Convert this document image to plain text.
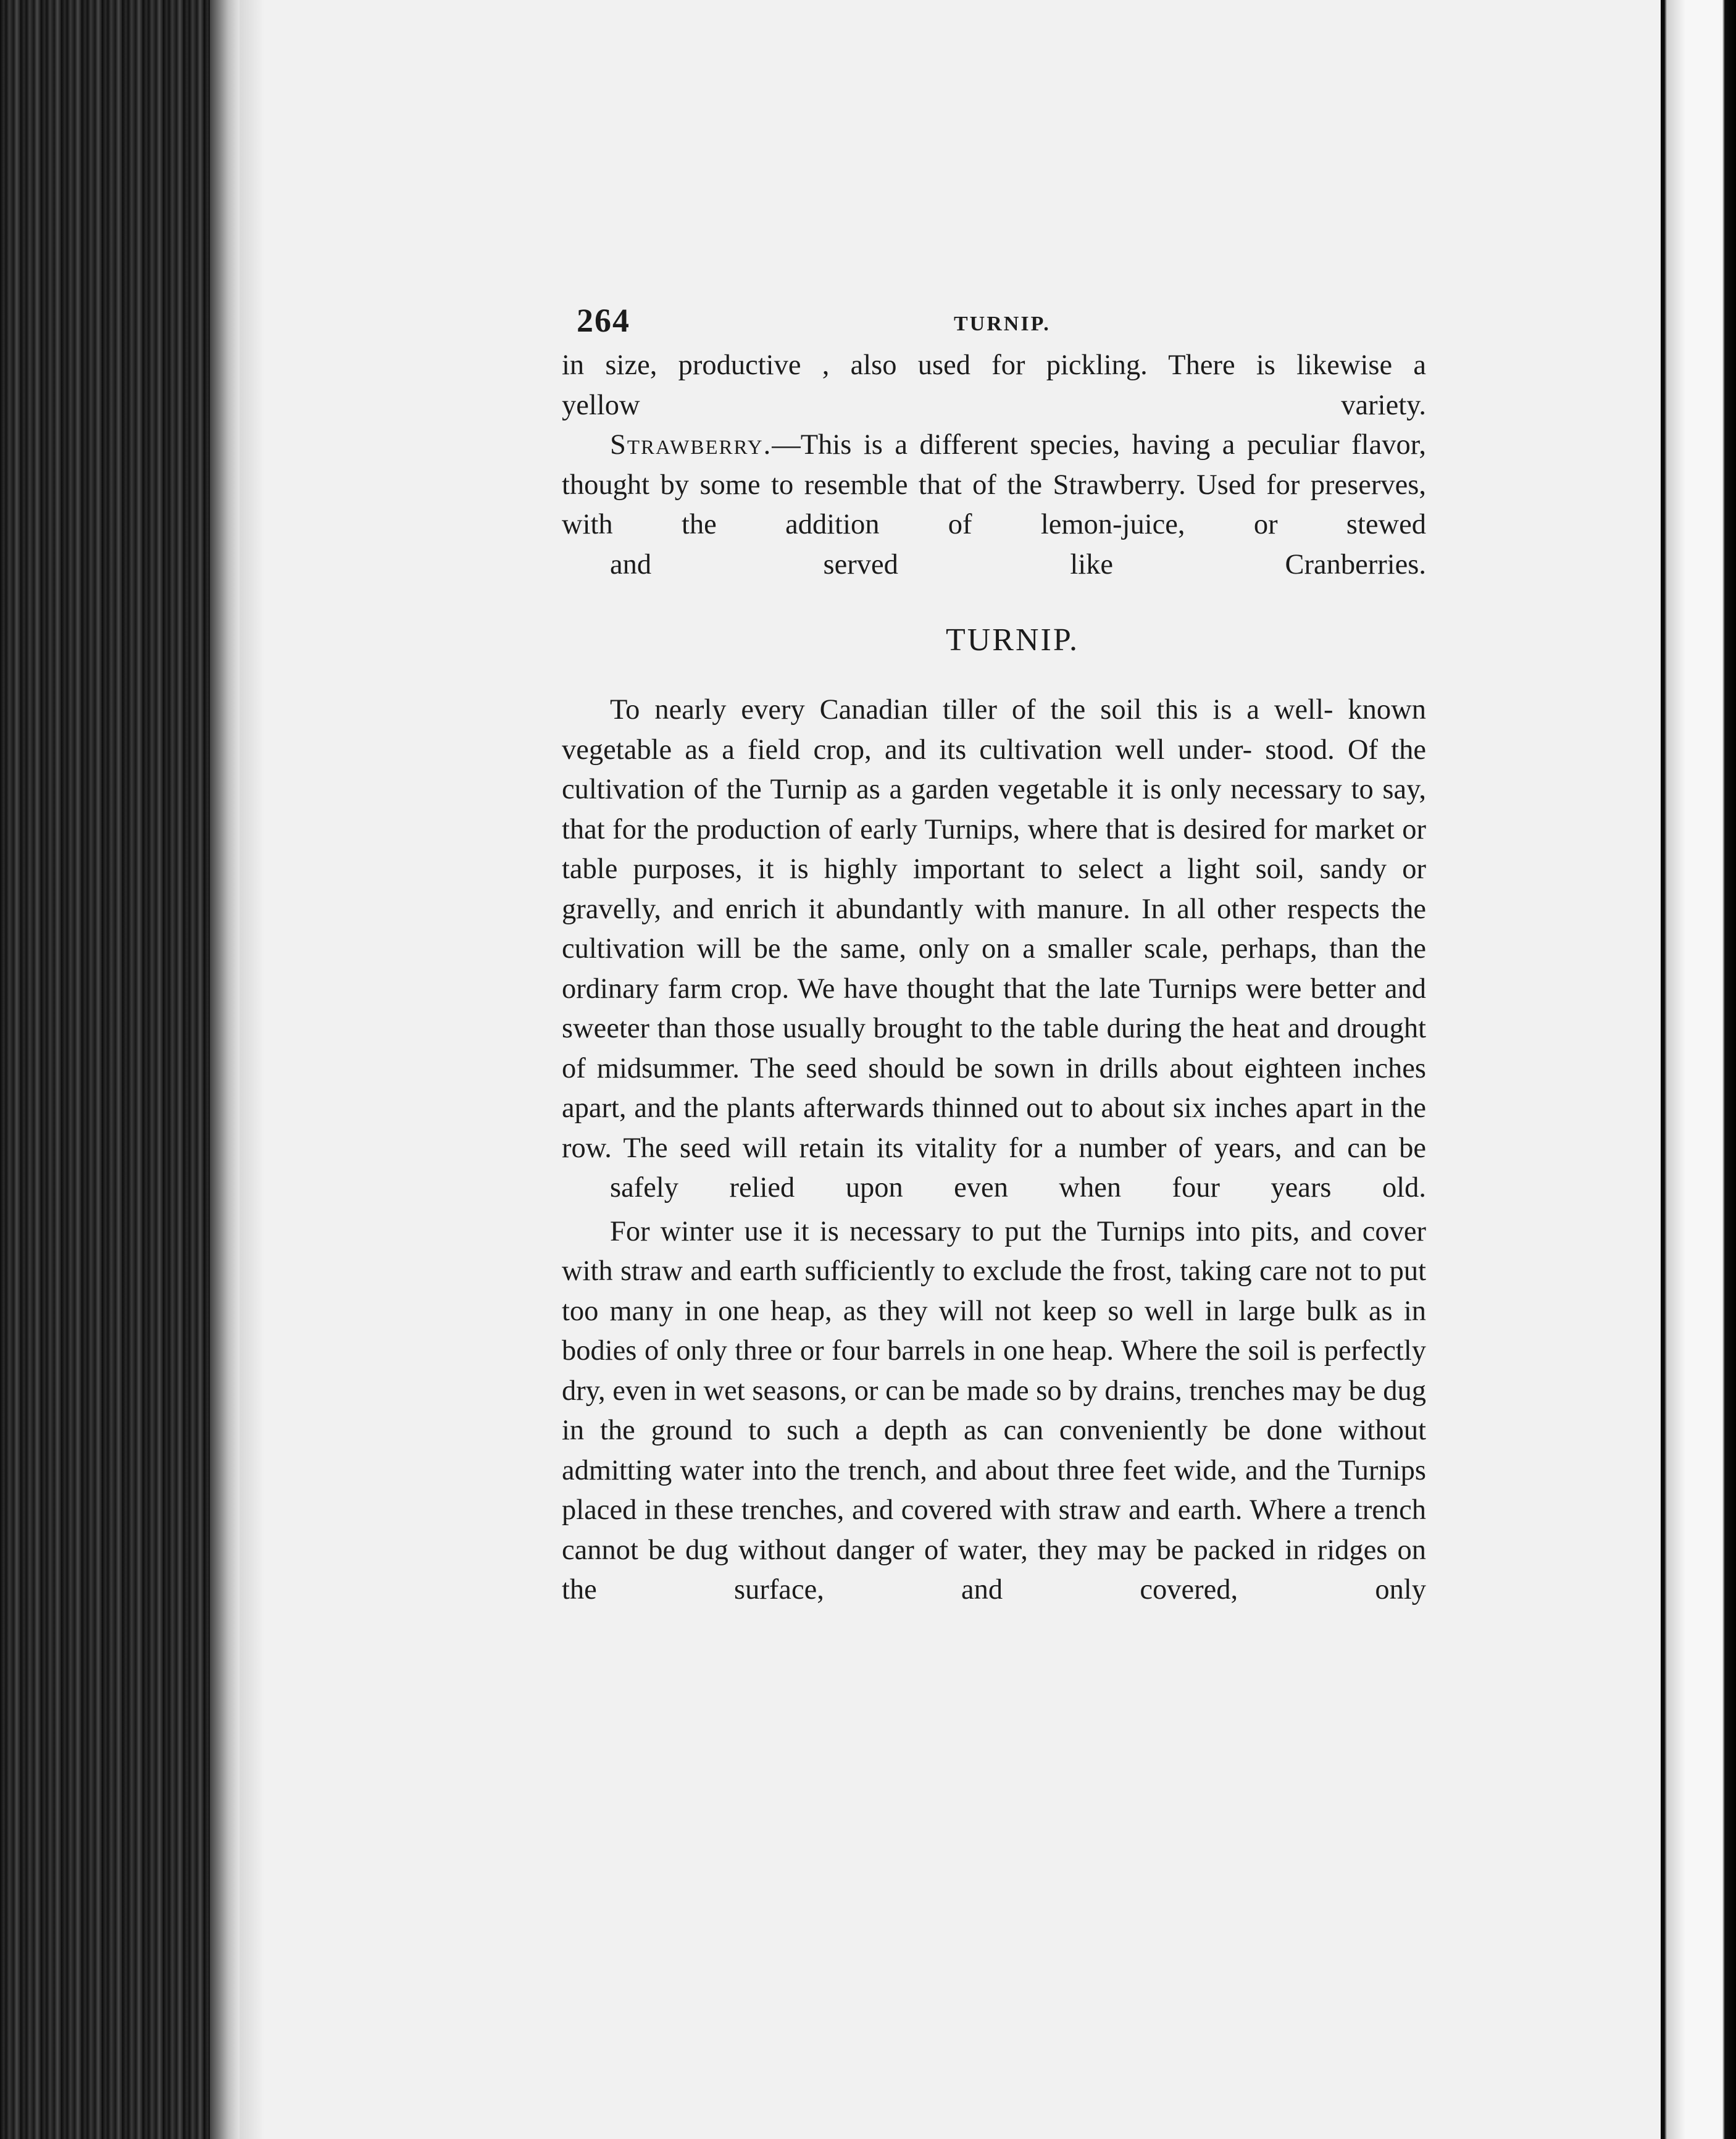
264	TURNIP.

in size, productive , also used for pickling. There is likewise a
yellow variety.

Strawberry.—This is a different species, having a peculiar flavor, thought by some to resemble that of the Strawberry. Used for preserves, with the addition of lemon-juice, or stewed
and served like Cranberries.

TURNIP.

To nearly every Canadian tiller of the soil this is a well- known vegetable as a field crop, and its cultivation well under- stood. Of the cultivation of the Turnip as a garden vegetable it is only necessary to say, that for the production of early Turnips, where that is desired for market or table purposes, it is highly important to select a light soil, sandy or gravelly, and enrich it abundantly with manure. In all other respects the cultivation will be the same, only on a smaller scale, perhaps, than the ordinary farm crop. We have thought that the late Turnips were better and sweeter than those usually brought to the table during the heat and drought of midsummer. The seed should be sown in drills about eighteen inches apart, and the plants afterwards thinned out to about six inches apart in the row. The seed will retain its vitality for a number of years, and can be
safely relied upon even when four years old.

For winter use it is necessary to put the Turnips into pits, and cover with straw and earth sufficiently to exclude the frost, taking care not to put too many in one heap, as they will not keep so well in large bulk as in bodies of only three or four barrels in one heap. Where the soil is perfectly dry, even in wet seasons, or can be made so by drains, trenches may be dug in the ground to such a depth as can conveniently be done without admitting water into the trench, and about three feet wide, and the Turnips placed in these trenches, and covered with straw and earth. Where a trench cannot be dug without danger of water, they may be packed in ridges on the surface, and covered, only
